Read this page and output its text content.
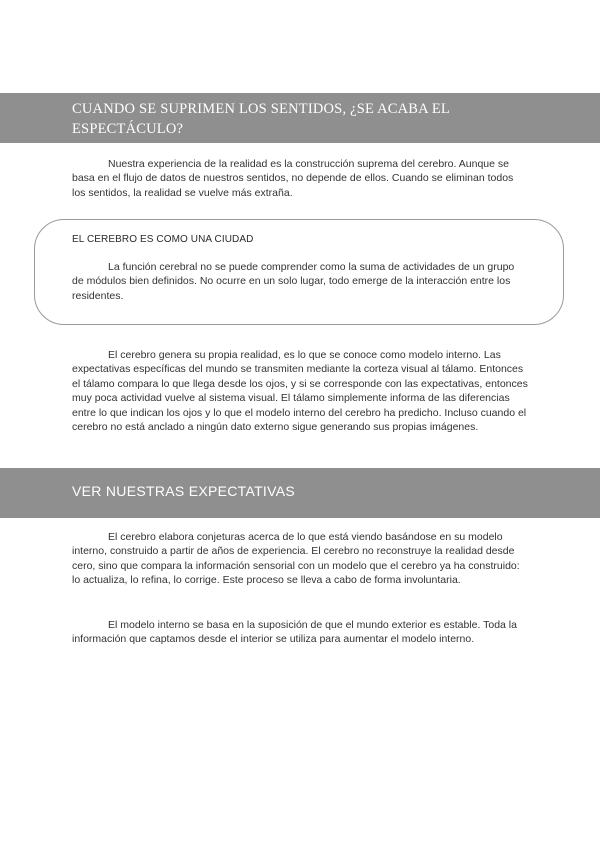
CUANDO SE SUPRIMEN LOS SENTIDOS, ¿SE ACABA EL ESPECTÁCULO?

Nuestra experiencia de la realidad es la construcción suprema del cerebro. Aunque se basa en el flujo de datos de nuestros sentidos, no depende de ellos. Cuando se eliminan todos los sentidos, la realidad se vuelve más extraña.

EL CEREBRO ES COMO UNA CIUDAD

La función cerebral no se puede comprender como la suma de actividades de un grupo de módulos bien definidos. No ocurre en un solo lugar, todo emerge de la interacción entre los residentes.

El cerebro genera su propia realidad, es lo que se conoce como modelo interno. Las expectativas específicas del mundo se transmiten mediante la corteza visual al tálamo. Entonces el tálamo compara lo que llega desde los ojos, y si se corresponde con las expectativas, entonces muy poca actividad vuelve al sistema visual. El tálamo simplemente informa de las diferencias entre lo que indican los ojos y lo que el modelo interno del cerebro ha predicho. Incluso cuando el cerebro no está anclado a ningún dato externo sigue generando sus propias imágenes.

VER NUESTRAS EXPECTATIVAS

El cerebro elabora conjeturas acerca de lo que está viendo basándose en su modelo interno, construido a partir de años de experiencia. El cerebro no reconstruye la realidad desde cero, sino que compara la información sensorial con un modelo que el cerebro ya ha construido: lo actualiza, lo refina, lo corrige. Este proceso se lleva a cabo de forma involuntaria.

El modelo interno se basa en la suposición de que el mundo exterior es estable. Toda la información que captamos desde el interior se utiliza para aumentar el modelo interno.
